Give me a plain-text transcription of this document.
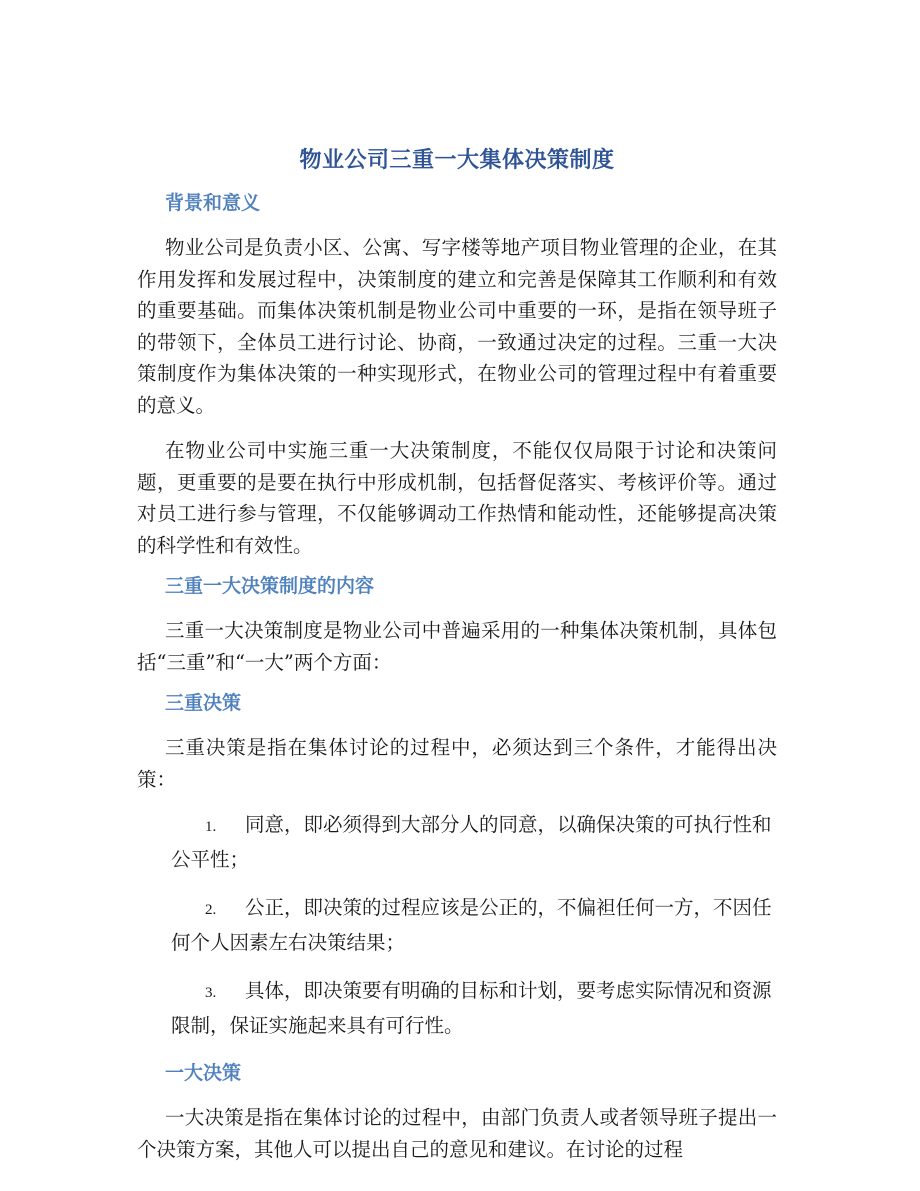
物业公司三重一大集体决策制度
背景和意义

物业公司是负责小区、公寓、写字楼等地产项目物业管理的企业，在其作用发挥和发展过程中，决策制度的建立和完善是保障其工作顺利和有效的重要基础。而集体决策机制是物业公司中重要的一环，是指在领导班子的带领下，全体员工进行讨论、协商，一致通过决定的过程。三重一大决策制度作为集体决策的一种实现形式，在物业公司的管理过程中有着重要的意义。

在物业公司中实施三重一大决策制度，不能仅仅局限于讨论和决策问题，更重要的是要在执行中形成机制，包括督促落实、考核评价等。通过对员工进行参与管理，不仅能够调动工作热情和能动性，还能够提高决策的科学性和有效性。

三重一大决策制度的内容

三重一大决策制度是物业公司中普遍采用的一种集体决策机制，具体包括“三重”和“一大”两个方面：

三重决策

三重决策是指在集体讨论的过程中，必须达到三个条件，才能得出决策：

1. 同意，即必须得到大部分人的同意，以确保决策的可执行性和公平性；
2. 公正，即决策的过程应该是公正的，不偏袒任何一方，不因任何个人因素左右决策结果；
3. 具体，即决策要有明确的目标和计划，要考虑实际情况和资源限制，保证实施起来具有可行性。
一大决策

一大决策是指在集体讨论的过程中，由部门负责人或者领导班子提出一个决策方案，其他人可以提出自己的意见和建议。在讨论的过程
